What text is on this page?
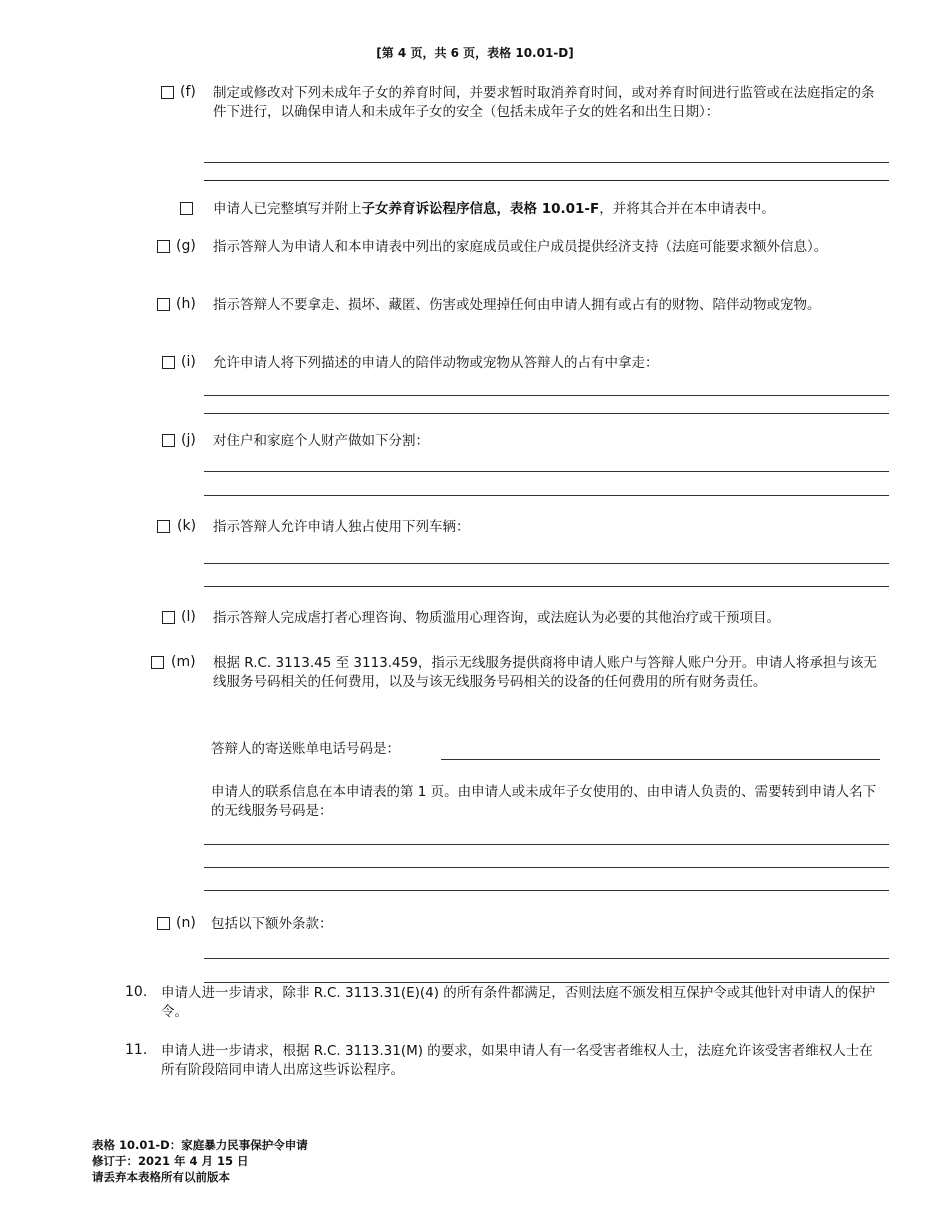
[第 4 页，共 6 页，表格 10.01-D]
(f) 制定或修改对下列未成年子女的养育时间，并要求暂时取消养育时间，或对养育时间进行监管或在法庭指定的条件下进行，以确保申请人和未成年子女的安全（包括未成年子女的姓名和出生日期）：
申请人已完整填写并附上子女养育诉讼程序信息，表格 10.01-F，并将其合并在本申请表中。
(g) 指示答辩人为申请人和本申请表中列出的家庭成员或住户成员提供经济支持（法庭可能要求额外信息）。
(h) 指示答辩人不要拿走、损坏、藏匿、伤害或处理掉任何由申请人拥有或占有的财物、陪伴动物或宠物。
(i) 允许申请人将下列描述的申请人的陪伴动物或宠物从答辩人的占有中拿走：
(j) 对住户和家庭个人财产做如下分割：
(k) 指示答辩人允许申请人独占使用下列车辆：
(l) 指示答辩人完成虐打者心理咨询、物质滥用心理咨询，或法庭认为必要的其他治疗或干预项目。
(m) 根据 R.C. 3113.45 至 3113.459，指示无线服务提供商将申请人账户与答辩人账户分开。申请人将承担与该无线服务号码相关的任何费用，以及与该无线服务号码相关的设备的任何费用的所有财务责任。
答辩人的寄送账单电话号码是：
申请人的联系信息在本申请表的第 1 页。由申请人或未成年子女使用的、由申请人负责的、需要转到申请人名下的无线服务号码是：
(n) 包括以下额外条款：
10. 申请人进一步请求，除非 R.C. 3113.31(E)(4) 的所有条件都满足，否则法庭不颁发相互保护令或其他针对申请人的保护令。
11. 申请人进一步请求，根据 R.C. 3113.31(M) 的要求，如果申请人有一名受害者维权人士，法庭允许该受害者维权人士在所有阶段陪同申请人出席这些诉讼程序。
表格 10.01-D：家庭暴力民事保护令申请
修订于：2021 年 4 月 15 日
请丢弃本表格所有以前版本
